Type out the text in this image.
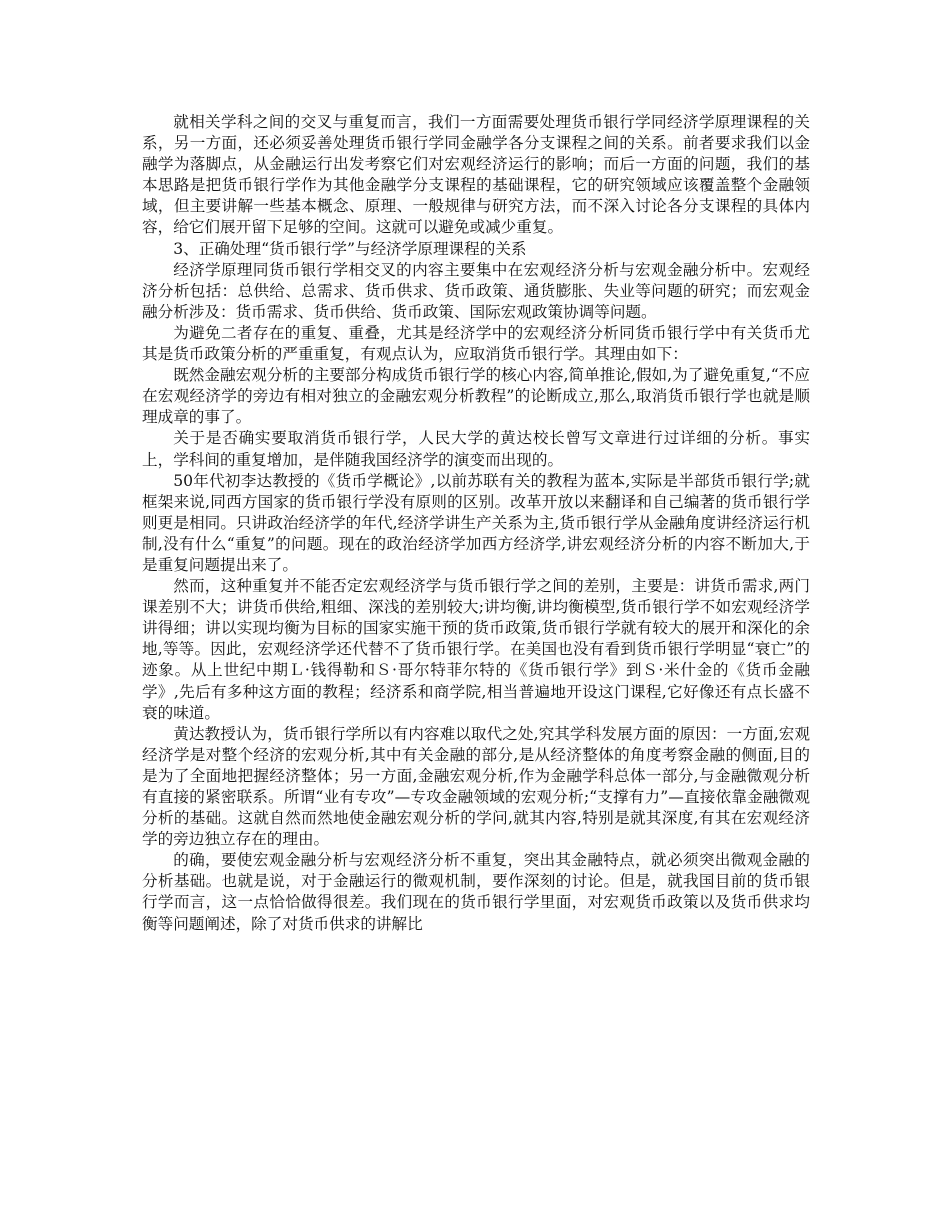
就相关学科之间的交叉与重复而言，我们一方面需要处理货币银行学同经济学原理课程的关系，另一方面，还必须妥善处理货币银行学同金融学各分支课程之间的关系。前者要求我们以金融学为落脚点，从金融运行出发考察它们对宏观经济运行的影响；而后一方面的问题，我们的基本思路是把货币银行学作为其他金融学分支课程的基础课程，它的研究领域应该覆盖整个金融领域，但主要讲解一些基本概念、原理、一般规律与研究方法，而不深入讨论各分支课程的具体内容，给它们展开留下足够的空间。这就可以避免或减少重复。

3、正确处理“货币银行学”与经济学原理课程的关系

经济学原理同货币银行学相交叉的内容主要集中在宏观经济分析与宏观金融分析中。宏观经济分析包括：总供给、总需求、货币供求、货币政策、通货膨胀、失业等问题的研究；而宏观金融分析涉及：货币需求、货币供给、货币政策、国际宏观政策协调等问题。

为避免二者存在的重复、重叠，尤其是经济学中的宏观经济分析同货币银行学中有关货币尤其是货币政策分析的严重重复，有观点认为，应取消货币银行学。其理由如下：

既然金融宏观分析的主要部分构成货币银行学的核心内容,简单推论,假如,为了避免重复,“不应在宏观经济学的旁边有相对独立的金融宏观分析教程”的论断成立,那么,取消货币银行学也就是顺理成章的事了。

关于是否确实要取消货币银行学，人民大学的黄达校长曾写文章进行过详细的分析。事实上，学科间的重复增加，是伴随我国经济学的演变而出现的。

50年代初李达教授的《货币学概论》,以前苏联有关的教程为蓝本,实际是半部货币银行学;就框架来说,同西方国家的货币银行学没有原则的区别。改革开放以来翻译和自己编著的货币银行学则更是相同。只讲政治经济学的年代,经济学讲生产关系为主,货币银行学从金融角度讲经济运行机制,没有什么“重复”的问题。现在的政治经济学加西方经济学,讲宏观经济分析的内容不断加大,于是重复问题提出来了。

然而，这种重复并不能否定宏观经济学与货币银行学之间的差别，主要是：讲货币需求,两门课差别不大；讲货币供给,粗细、深浅的差别较大;讲均衡,讲均衡模型,货币银行学不如宏观经济学讲得细；讲以实现均衡为目标的国家实施干预的货币政策,货币银行学就有较大的展开和深化的余地,等等。因此，宏观经济学还代替不了货币银行学。在美国也没有看到货币银行学明显“衰亡”的迹象。从上世纪中期Ｌ·钱得勒和Ｓ·哥尔特菲尔特的《货币银行学》到Ｓ·米什金的《货币金融学》,先后有多种这方面的教程；经济系和商学院,相当普遍地开设这门课程,它好像还有点长盛不衰的味道。

黄达教授认为，货币银行学所以有内容难以取代之处,究其学科发展方面的原因：一方面,宏观经济学是对整个经济的宏观分析,其中有关金融的部分,是从经济整体的角度考察金融的侧面,目的是为了全面地把握经济整体；另一方面,金融宏观分析,作为金融学科总体一部分,与金融微观分析有直接的紧密联系。所谓“业有专攻”—专攻金融领域的宏观分析;“支撑有力”—直接依靠金融微观分析的基础。这就自然而然地使金融宏观分析的学问,就其内容,特别是就其深度,有其在宏观经济学的旁边独立存在的理由。

的确，要使宏观金融分析与宏观经济分析不重复，突出其金融特点，就必须突出微观金融的分析基础。也就是说，对于金融运行的微观机制，要作深刻的讨论。但是，就我国目前的货币银行学而言，这一点恰恰做得很差。我们现在的货币银行学里面，对宏观货币政策以及货币供求均衡等问题阐述，除了对货币供求的讲解比
